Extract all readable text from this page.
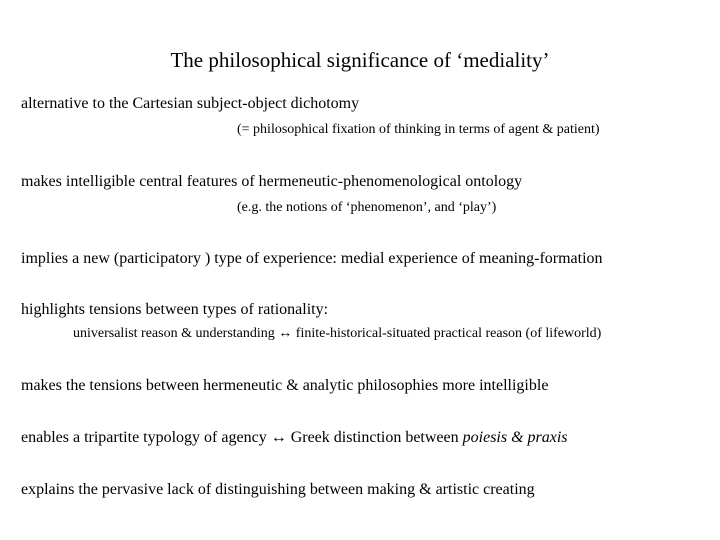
The philosophical significance of ‘mediality’
alternative to the Cartesian subject-object dichotomy
(= philosophical fixation of thinking in terms of agent & patient)
makes intelligible central features of hermeneutic-phenomenological ontology
(e.g. the notions of ‘phenomenon’, and ‘play’)
implies a new (participatory ) type of experience: medial experience of meaning-formation
highlights tensions between types of rationality:
universalist reason & understanding ↔ finite-historical-situated practical reason (of lifeworld)
makes the tensions between hermeneutic & analytic philosophies more intelligible
enables a tripartite typology of agency ↔ Greek distinction between poiesis & praxis
explains the pervasive lack of distinguishing between making & artistic creating
